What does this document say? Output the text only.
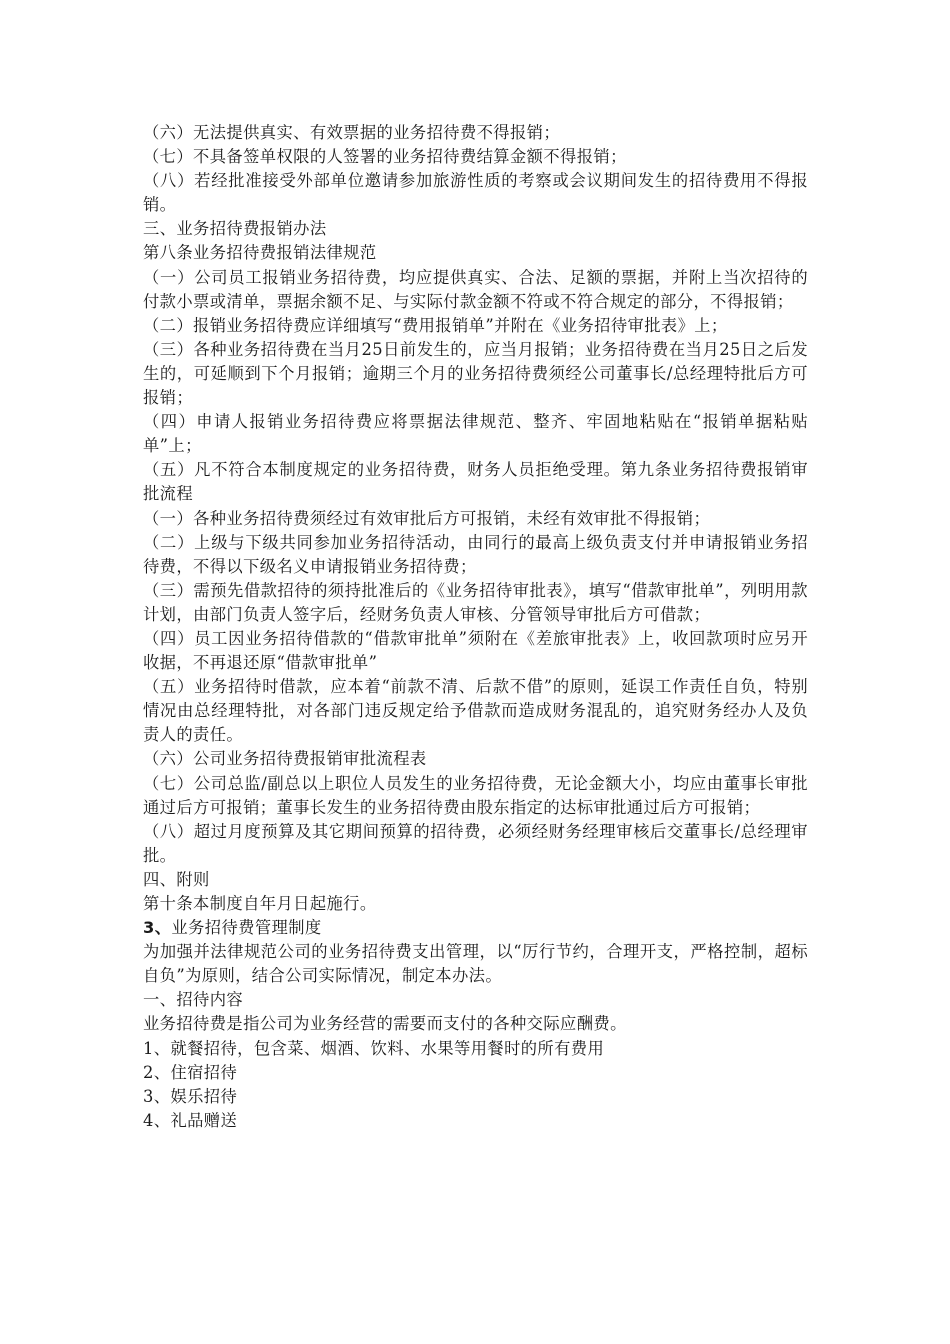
（六）无法提供真实、有效票据的业务招待费不得报销；

（七）不具备签单权限的人签署的业务招待费结算金额不得报销；

（八）若经批准接受外部单位邀请参加旅游性质的考察或会议期间发生的招待费用不得报销。

三、业务招待费报销办法

第八条业务招待费报销法律规范

（一）公司员工报销业务招待费，均应提供真实、合法、足额的票据，并附上当次招待的付款小票或清单，票据余额不足、与实际付款金额不符或不符合规定的部分，不得报销；

（二）报销业务招待费应详细填写“费用报销单”并附在《业务招待审批表》上；

（三）各种业务招待费在当月25日前发生的，应当月报销；业务招待费在当月25日之后发生的，可延顺到下个月报销；逾期三个月的业务招待费须经公司董事长/总经理特批后方可报销；

（四）申请人报销业务招待费应将票据法律规范、整齐、牢固地粘贴在“报销单据粘贴单”上；

（五）凡不符合本制度规定的业务招待费，财务人员拒绝受理。第九条业务招待费报销审批流程

（一）各种业务招待费须经过有效审批后方可报销，未经有效审批不得报销；

（二）上级与下级共同参加业务招待活动，由同行的最高上级负责支付并申请报销业务招待费，不得以下级名义申请报销业务招待费；

（三）需预先借款招待的须持批准后的《业务招待审批表》，填写“借款审批单”，列明用款计划，由部门负责人签字后，经财务负责人审核、分管领导审批后方可借款；

（四）员工因业务招待借款的“借款审批单”须附在《差旅审批表》上，收回款项时应另开收据，不再退还原“借款审批单”

（五）业务招待时借款，应本着“前款不清、后款不借”的原则，延误工作责任自负，特别情况由总经理特批，对各部门违反规定给予借款而造成财务混乱的，追究财务经办人及负责人的责任。

（六）公司业务招待费报销审批流程表

（七）公司总监/副总以上职位人员发生的业务招待费，无论金额大小，均应由董事长审批通过后方可报销；董事长发生的业务招待费由股东指定的达标审批通过后方可报销；

（八）超过月度预算及其它期间预算的招待费，必须经财务经理审核后交董事长/总经理审批。

四、附则

第十条本制度自年月日起施行。

3、业务招待费管理制度

为加强并法律规范公司的业务招待费支出管理，以“厉行节约，合理开支，严格控制，超标自负”为原则，结合公司实际情况，制定本办法。

一、招待内容

业务招待费是指公司为业务经营的需要而支付的各种交际应酬费。

1、就餐招待，包含菜、烟酒、饮料、水果等用餐时的所有费用

2、住宿招待

3、娱乐招待

4、礼品赠送
